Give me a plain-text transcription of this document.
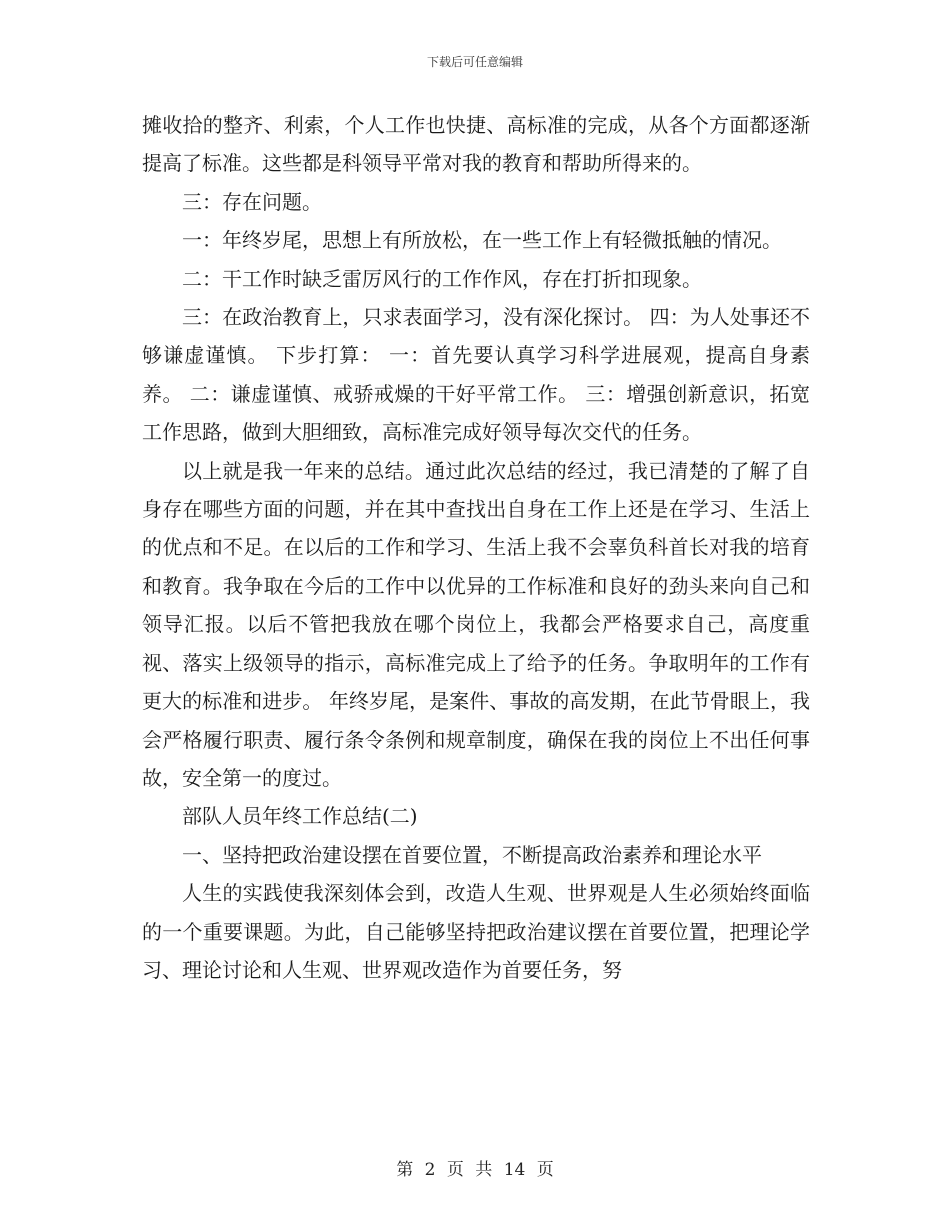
下载后可任意编辑

摊收拾的整齐、利索，个人工作也快捷、高标准的完成，从各个方面都逐渐提高了标准。这些都是科领导平常对我的教育和帮助所得来的。

三：存在问题。

一：年终岁尾，思想上有所放松，在一些工作上有轻微抵触的情况。

二：干工作时缺乏雷厉风行的工作作风，存在打折扣现象。

三：在政治教育上，只求表面学习，没有深化探讨。 四：为人处事还不够谦虚谨慎。 下步打算： 一：首先要认真学习科学进展观，提高自身素养。 二：谦虚谨慎、戒骄戒燥的干好平常工作。 三：增强创新意识，拓宽工作思路，做到大胆细致，高标准完成好领导每次交代的任务。

以上就是我一年来的总结。通过此次总结的经过，我已清楚的了解了自身存在哪些方面的问题，并在其中查找出自身在工作上还是在学习、生活上的优点和不足。在以后的工作和学习、生活上我不会辜负科首长对我的培育和教育。我争取在今后的工作中以优异的工作标准和良好的劲头来向自己和领导汇报。以后不管把我放在哪个岗位上，我都会严格要求自己，高度重视、落实上级领导的指示，高标准完成上了给予的任务。争取明年的工作有更大的标准和进步。 年终岁尾，是案件、事故的高发期，在此节骨眼上，我会严格履行职责、履行条令条例和规章制度，确保在我的岗位上不出任何事故，安全第一的度过。

部队人员年终工作总结(二)

一、坚持把政治建设摆在首要位置，不断提高政治素养和理论水平

人生的实践使我深刻体会到，改造人生观、世界观是人生必须始终面临的一个重要课题。为此，自己能够坚持把政治建议摆在首要位置，把理论学习、理论讨论和人生观、世界观改造作为首要任务，努

第 2 页 共 14 页
